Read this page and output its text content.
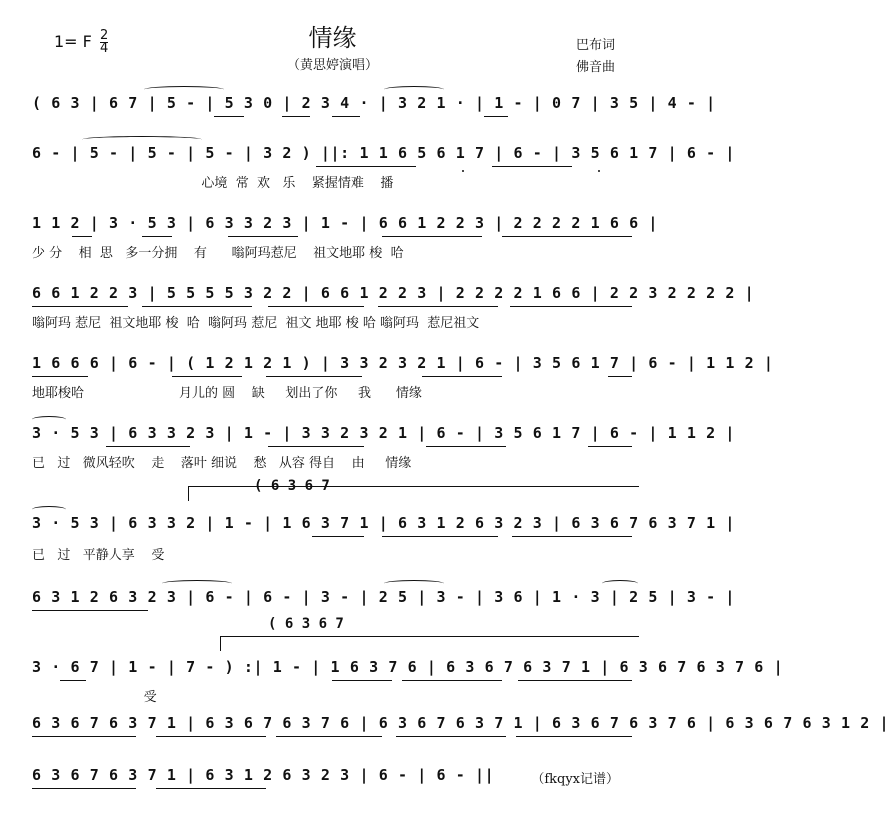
1= F $\frac{2}{4}$	情缘
（黄思婷演唱）
巴布词
佛音曲
( 6 3 | 6 7 | 5 - | 5 3 0 | 2 3 4 · | 3 2 1 · | 1 - | 0 7 | 3 5 | 4 - |
6 - | 5 - | 5 - | 5 - | 3 2 ) ||: 1 1 6 5 6 1 7 | 6 - | 3 5 6 1 7 | 6 - |
心境  常  欢   乐    紧握情难    播
1 1 2 | 3 · 5 3 | 6 3 3 2 3 | 1 - | 6 6 1 2 2 3 | 2 2 2 2 1 6 6 |
少 分    相  思   多一分拥    有      嗡阿玛惹尼    祖文地耶 梭  哈
6 6 1 2 2 3 | 5 5 5 5 3 2 2 | 6 6 1 2 2 3 | 2 2 2 2 1 6 6 | 2 2 3 2 2 2 2 |
嗡阿玛 惹尼  祖文地耶 梭  哈  嗡阿玛 惹尼  祖文 地耶 梭 哈 嗡阿玛  惹尼祖文
1 6 6 6 | 6 - | ( 1 2 1 2 1 ) | 3 3 2 3 2 1 | 6 - | 3 5 6 1 7 | 6 - | 1 1 2 |
地耶梭哈                       月儿的 圆    缺     划出了你     我      情缘
3 · 5 3 | 6 3 3 2 3 | 1 - | 3 3 2 3 2 1 | 6 - | 3 5 6 1 7 | 6 - | 1 1 2 |
已   过   微风轻吹    走    落叶 细说    愁   从容 得自    由     情缘
( 6 3 6 7
3 · 5 3 | 6 3 3 2 | 1 - | 1 6 3 7 1 | 6 3 1 2 6 3 2 3 | 6 3 6 7 6 3 7 1 |
已   过   平静人享    受
6 3 1 2 6 3 2 3 | 6 - | 6 - | 3 - | 2 5 | 3 - | 3 6 | 1 · 3 | 2 5 | 3 - |
( 6 3 6 7
3 · 6 7 | 1 - | 7 - ) :| 1 - | 1 6 3 7 6 | 6 3 6 7 6 3 7 1 | 6 3 6 7 6 3 7 6 |
受
6 3 6 7 6 3 7 1 | 6 3 6 7 6 3 7 6 | 6 3 6 7 6 3 7 1 | 6 3 6 7 6 3 7 6 | 6 3 6 7 6 3 1 2 |
6 3 6 7 6 3 7 1 | 6 3 1 2 6 3 2 3 | 6 - | 6 - ||	（fkqyx记谱）
